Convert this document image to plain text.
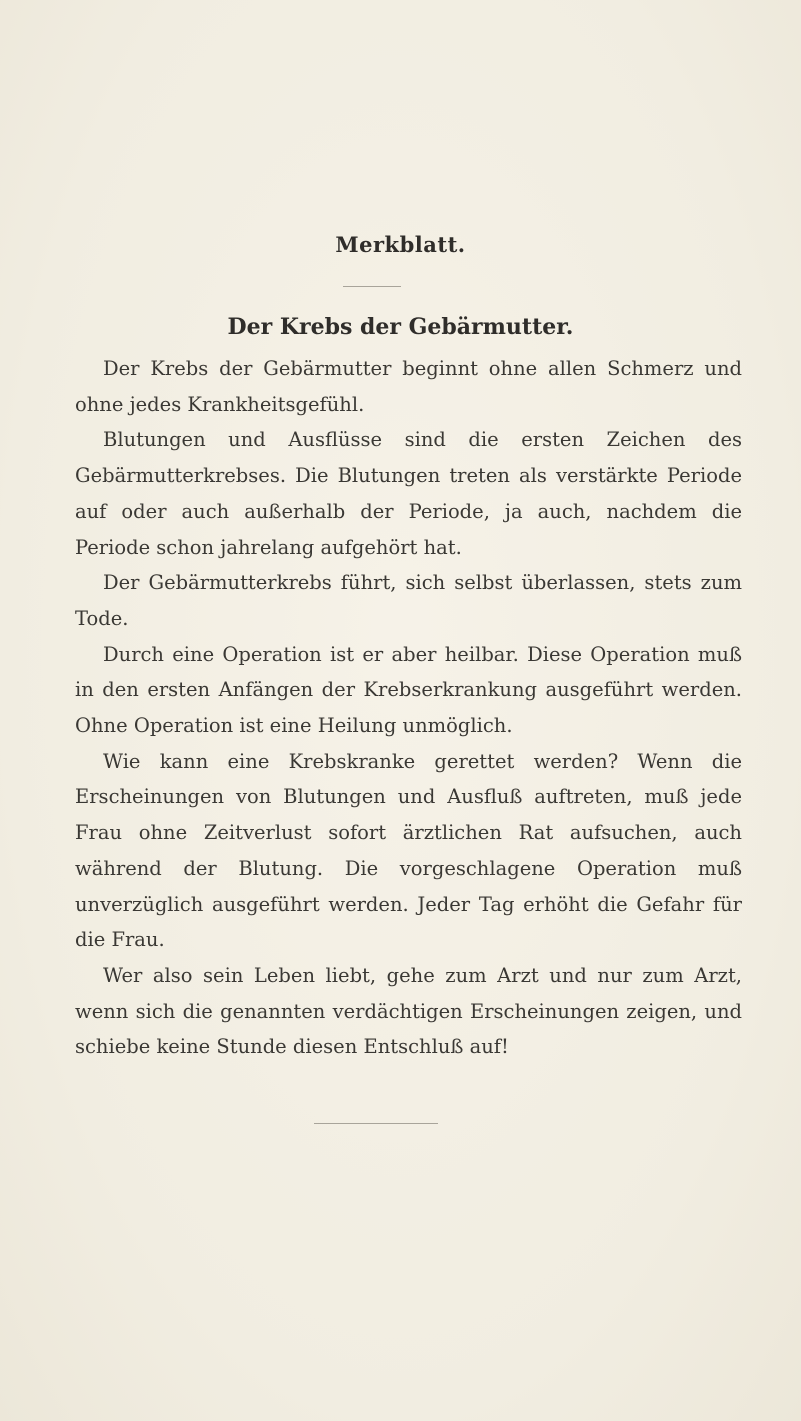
Merkblatt.
Der Krebs der Gebärmutter.

Der Krebs der Gebärmutter beginnt ohne allen Schmerz und ohne jedes Krankheitsgefühl.

Blutungen und Ausflüsse sind die ersten Zeichen des Gebärmutterkrebses. Die Blutungen treten als verstärkte Periode auf oder auch außerhalb der Periode, ja auch, nachdem die Periode schon jahrelang aufgehört hat.

Der Gebärmutterkrebs führt, sich selbst überlassen, stets zum Tode.

Durch eine Operation ist er aber heilbar. Diese Operation muß in den ersten Anfängen der Krebserkrankung ausgeführt werden. Ohne Operation ist eine Heilung unmöglich.

Wie kann eine Krebskranke gerettet werden? Wenn die Erscheinungen von Blutungen und Ausfluß auftreten, muß jede Frau ohne Zeitverlust sofort ärztlichen Rat aufsuchen, auch während der Blutung. Die vorgeschlagene Operation muß unverzüglich ausgeführt werden. Jeder Tag erhöht die Gefahr für die Frau.

Wer also sein Leben liebt, gehe zum Arzt und nur zum Arzt, wenn sich die genannten verdächtigen Erscheinungen zeigen, und schiebe keine Stunde diesen Entschluß auf!
